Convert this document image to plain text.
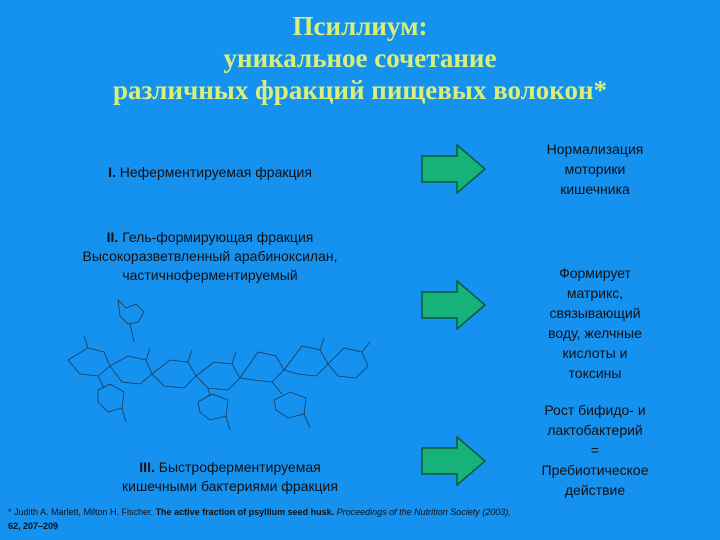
Псиллиум:
уникальное сочетание
различных фракций пищевых волокон*
I. Неферментируемая фракция
II. Гель-формирующая фракция
Высокоразветвленный арабиноксилан,
частичноферментируемый
III. Быстроферментируемая
кишечными бактериями фракция
Нормализация
моторики
кишечника
Формирует
матрикс,
связывающий
воду, желчные
кислоты и
токсины
Рост бифидо- и
лактобактерий
=
Пребиотическое
действие
* Judith A. Marlett, Milton H. Fischer. The active fraction of psyllium seed husk. Proceedings of the Nutrition Society (2003),
62, 207–209
